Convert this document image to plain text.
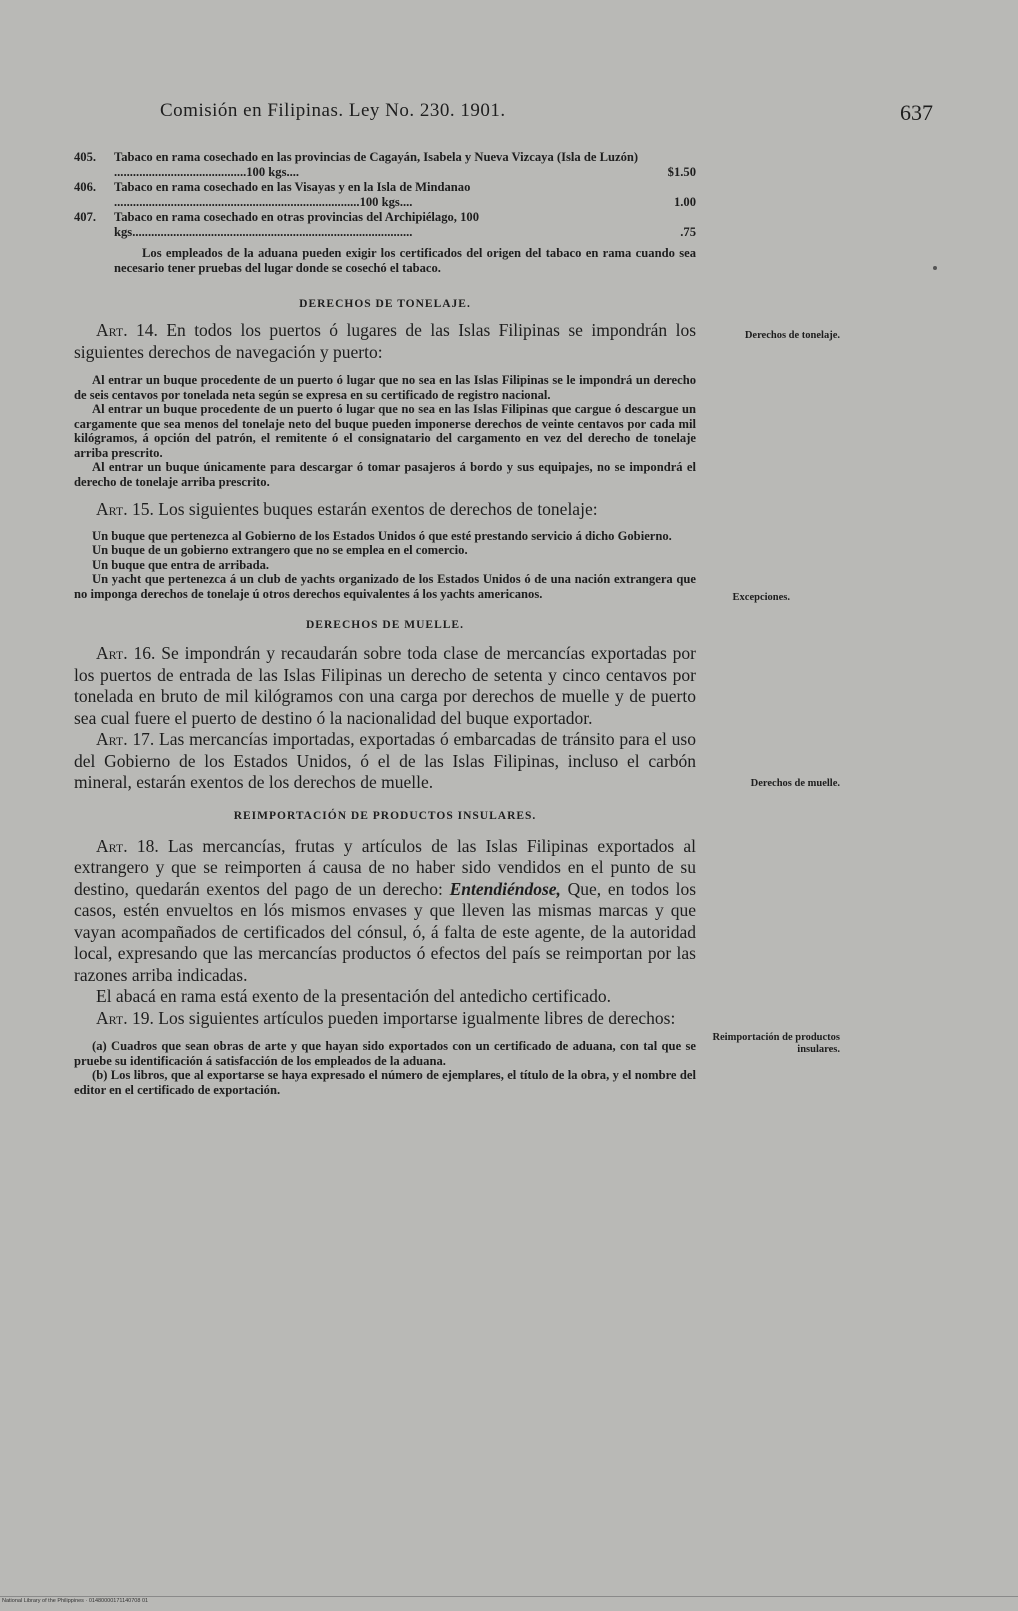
Comisión en Filipinas. Ley No. 230. 1901.	637
405.	Tabaco en rama cosechado en las provincias de Cagayán, Isabela y Nueva Vizcaya (Isla de Luzón) ..........................................100 kgs....	$1.50
406.	Tabaco en rama cosechado en las Visayas y en la Isla de Mindanao ..............................................................................100 kgs....	1.00
407.	Tabaco en rama cosechado en otras provincias del Archipiélago, 100 kgs.........................................................................................	.75

Los empleados de la aduana pueden exigir los certificados del origen del tabaco en rama cuando sea necesario tener pruebas del lugar donde se cosechó el tabaco.

DERECHOS DE TONELAJE.

Art. 14. En todos los puertos ó lugares de las Islas Filipinas se impondrán los siguientes derechos de navegación y puerto:

Al entrar un buque procedente de un puerto ó lugar que no sea en las Islas Filipinas se le impondrá un derecho de seis centavos por tonelada neta según se expresa en su certificado de registro nacional.

Al entrar un buque procedente de un puerto ó lugar que no sea en las Islas Filipinas que cargue ó descargue un cargamente que sea menos del tonelaje neto del buque pueden imponerse derechos de veinte centavos por cada mil kilógramos, á opción del patrón, el remitente ó el consignatario del cargamento en vez del derecho de tonelaje arriba prescrito.

Al entrar un buque únicamente para descargar ó tomar pasajeros á bordo y sus equipajes, no se impondrá el derecho de tonelaje arriba prescrito.

Art. 15. Los siguientes buques estarán exentos de derechos de tonelaje:

Un buque que pertenezca al Gobierno de los Estados Unidos ó que esté prestando servicio á dicho Gobierno.

Un buque de un gobierno extrangero que no se emplea en el comercio.

Un buque que entra de arribada.

Un yacht que pertenezca á un club de yachts organizado de los Estados Unidos ó de una nación extrangera que no imponga derechos de tonelaje ú otros derechos equivalentes á los yachts americanos.

DERECHOS DE MUELLE.

Art. 16. Se impondrán y recaudarán sobre toda clase de mercancías exportadas por los puertos de entrada de las Islas Filipinas un derecho de setenta y cinco centavos por tonelada en bruto de mil kilógramos con una carga por derechos de muelle y de puerto sea cual fuere el puerto de destino ó la nacionalidad del buque exportador.

Art. 17. Las mercancías importadas, exportadas ó embarcadas de tránsito para el uso del Gobierno de los Estados Unidos, ó el de las Islas Filipinas, incluso el carbón mineral, estarán exentos de los derechos de muelle.

REIMPORTACIÓN DE PRODUCTOS INSULARES.

Art. 18. Las mercancías, frutas y artículos de las Islas Filipinas exportados al extrangero y que se reimporten á causa de no haber sido vendidos en el punto de su destino, quedarán exentos del pago de un derecho: Entendiéndose, Que, en todos los casos, estén envueltos en lós mismos envases y que lleven las mismas marcas y que vayan acompañados de certificados del cónsul, ó, á falta de este agente, de la autoridad local, expresando que las mercancías productos ó efectos del país se reimportan por las razones arriba indicadas.

El abacá en rama está exento de la presentación del antedicho certificado.

Art. 19. Los siguientes artículos pueden importarse igualmente libres de derechos:

(a) Cuadros que sean obras de arte y que hayan sido exportados con un certificado de aduana, con tal que se pruebe su identificación á satisfacción de los empleados de la aduana.

(b) Los libros, que al exportarse se haya expresado el número de ejemplares, el título de la obra, y el nombre del editor en el certificado de exportación.

Derechos de tonelaje.
Excepciones.
Derechos de muelle.
Reimportación de productos insulares.
National Library of the Philippines · 01480000171140708 01
